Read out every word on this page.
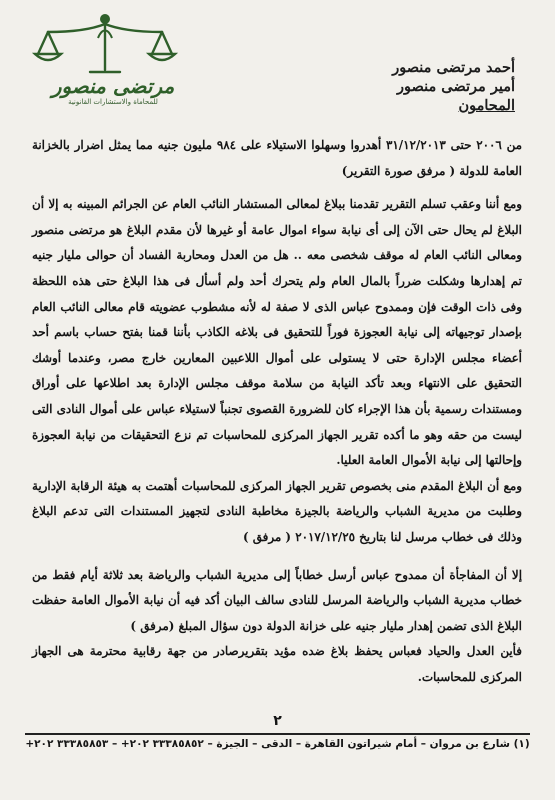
أحمد مرتضى منصور
أمير مرتضى منصور
المحامون
مرتضى منصور
للمحاماة والاستشارات القانونية

من ٢٠٠٦ حتى ٣١/١٢/٢٠١٣ أهدروا وسهلوا الاستيلاء على ٩٨٤ مليون جنيه مما يمثل اضرار بالخزانة العامة للدولة ( مرفق صورة التقرير)

ومع أننا وعقب تسلم التقرير تقدمنا ببلاغ لمعالى المستشار النائب العام عن الجرائم المبينه به إلا أن البلاغ لم يحال حتى الآن إلى أى نيابة سواء اموال عامة أو غيرها لأن مقدم البلاغ هو مرتضى منصور ومعالى النائب العام له موقف شخصى معه .. هل من العدل ومحاربة الفساد أن حوالى مليار جنيه تم إهدارها وشكلت ضرراً بالمال العام ولم يتحرك أحد ولم أسأل فى هذا البلاغ حتى هذه اللحظة وفى ذات الوقت فإن وممدوح عباس الذى لا صفة له لأنه مشطوب عضويته قام معالى النائب العام بإصدار توجيهاته إلى نيابة العجوزة فوراً للتحقيق فى بلاغه الكاذب بأننا قمنا بفتح حساب باسم أحد أعضاء مجلس الإدارة حتى لا يستولى على أموال اللاعبين المعارين خارج مصر، وعندما أوشك التحقيق على الانتهاء وبعد تأكد النيابة من سلامة موقف مجلس الإدارة بعد اطلاعها على أوراق ومستندات رسمية بأن هذا الإجراء كان للضرورة القصوى تجنباً لاستيلاء عباس على أموال النادى التى ليست من حقه وهو ما أكده تقرير الجهاز المركزى للمحاسبات تم نزع التحقيقات من نيابة العجوزة وإحالتها إلى نيابة الأموال العامة العليا.

ومع أن البلاغ المقدم منى بخصوص تقرير الجهاز المركزى للمحاسبات أهتمت به هيئة الرقابة الإدارية وطلبت من مديرية الشباب والرياضة بالجيزة مخاطبة النادى لتجهيز المستندات التى تدعم البلاغ وذلك فى خطاب مرسل لنا بتاريخ ٢٠١٧/١٢/٢٥ ( مرفق )

إلا أن المفاجأة أن ممدوح عباس أرسل خطاباً إلى مديرية الشباب والرياضة بعد ثلاثة أيام فقط من خطاب مديرية الشباب والرياضة المرسل للنادى سالف البيان أكد فيه أن نيابة الأموال العامة حفظت البلاغ الذى تضمن إهدار مليار جنيه على خزانة الدولة دون سؤال المبلغ (مرفق )

فأين العدل والحياد فعباس يحفظ بلاغ ضده مؤيد بتقريرصادر من جهة رقابية محترمة هى الجهاز المركزى للمحاسبات.

٢
(١) شارع بن مروان – أمام شيراتون القاهرة – الدقى – الجيزة – ٣٣٣٨٥٨٥٢ ٢٠٢+ – ٣٣٣٨٥٨٥٣ ٢٠٢+
